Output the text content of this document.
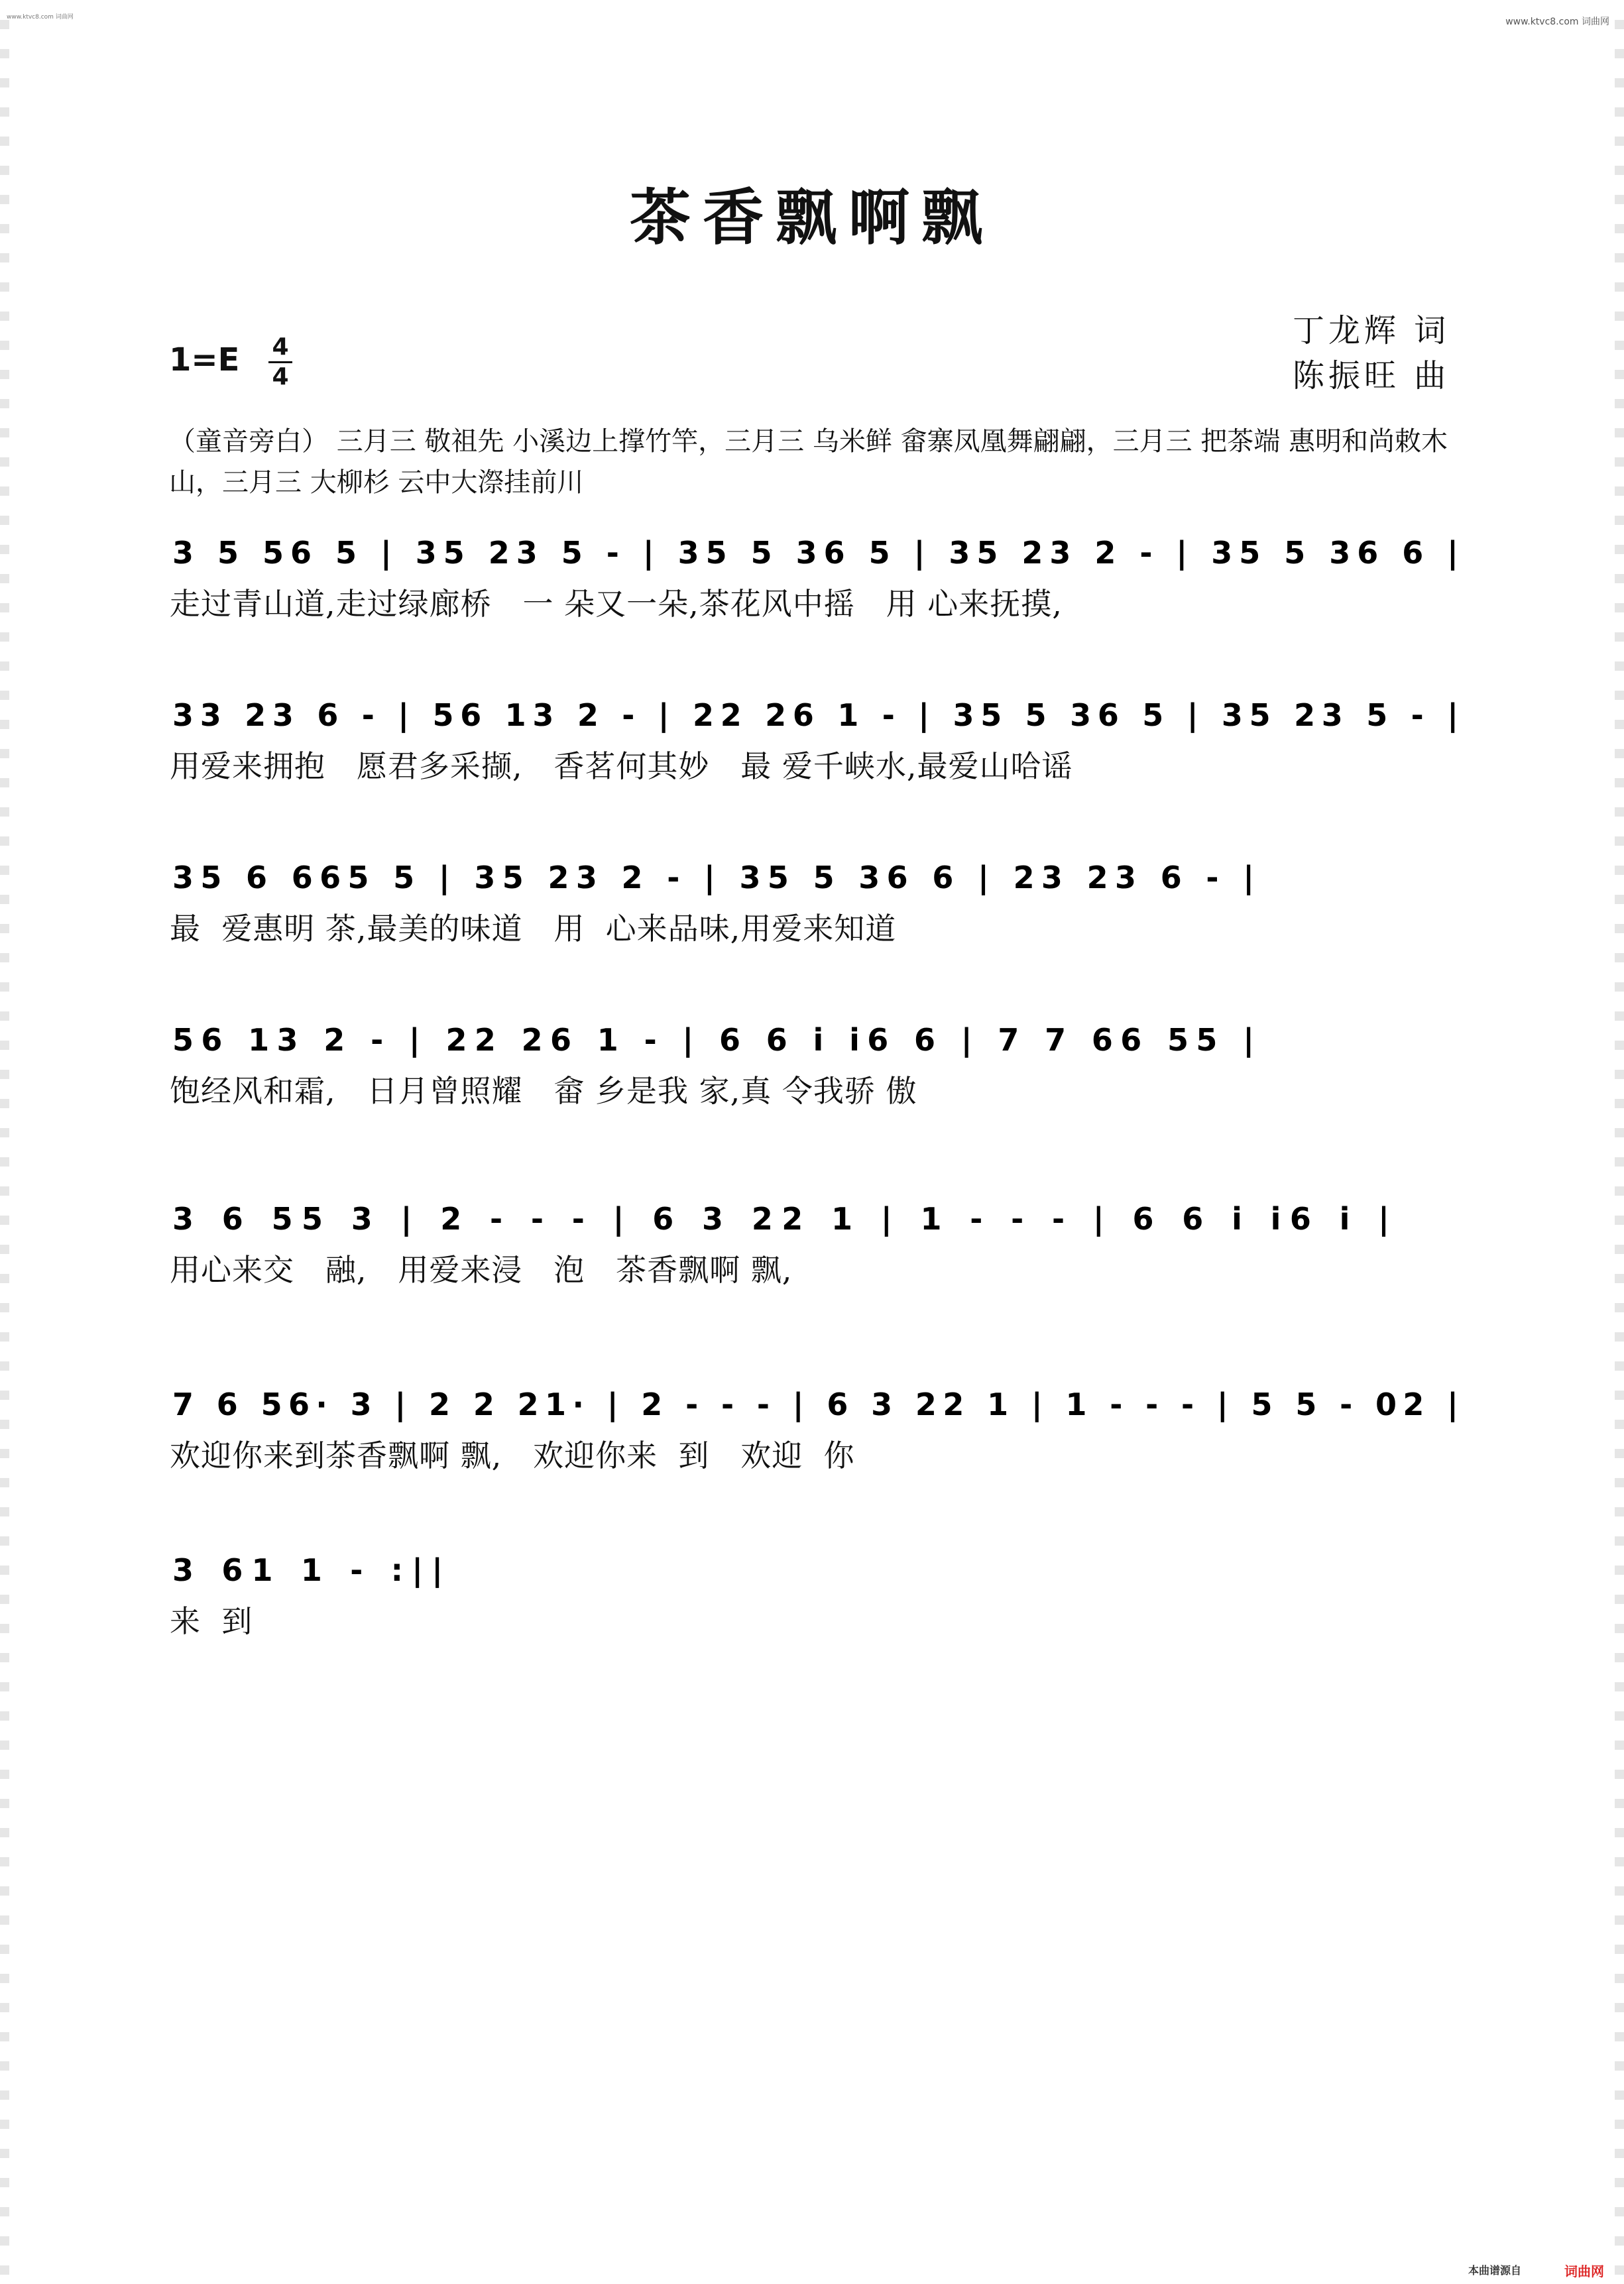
www.ktvc8.com 词曲网	www.ktvc8.com 词曲网
茶香飘啊飘
1=E 4
4
丁龙辉 词
陈振旺 曲
（童音旁白） 三月三 敬祖先 小溪边上撑竹竿，三月三 乌米鲜 畲寨凤凰舞翩翩，三月三 把茶端 惠明和尚敕木山，三月三 大柳杉 云中大漈挂前川
3 5 56 5 | 35 23 5 - | 35 5 36 5 | 35 23 2 - | 35 5 36 6 |
走过青山道,走过绿廊桥   一 朵又一朵,茶花风中摇   用 心来抚摸,
33 23 6 - | 56 13 2 - | 22 26 1 - | 35 5 36 5 | 35 23 5 - |
用爱来拥抱   愿君多采撷,   香茗何其妙   最 爱千峡水,最爱山哈谣
35 6 665 5 | 35 23 2 - | 35 5 36 6 | 23 23 6 - |
最  爱惠明 茶,最美的味道   用  心来品味,用爱来知道
56 13 2 - | 22 26 1 - | 6 6 i i6 6 | 7 7 66 55 |
饱经风和霜,   日月曾照耀   畲 乡是我 家,真 令我骄 傲
3 6 55 3 | 2 - - - | 6 3 22 1 | 1 - - - | 6 6 i i6 i |
用心来交   融,   用爱来浸   泡   茶香飘啊 飘,
7 6 56· 3 | 2 2 21· | 2 - - - | 6 3 22 1 | 1 - - - | 5 5 - 02 |
欢迎你来到茶香飘啊 飘,   欢迎你来  到   欢迎  你
3 61 1 - :||
来  到
本曲谱源自	词曲网
